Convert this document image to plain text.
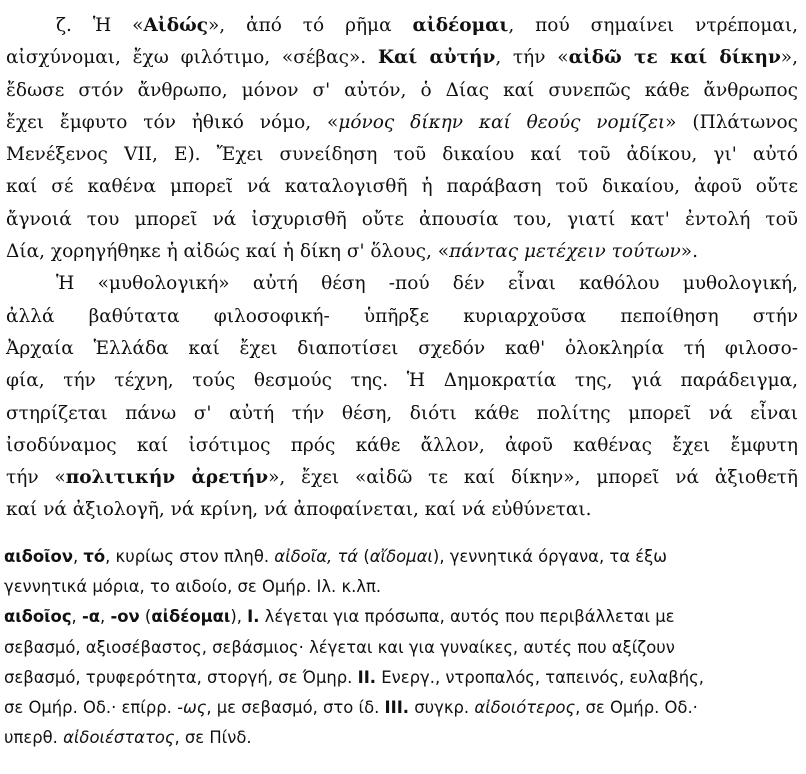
ζ. Ἡ «Αἰδώς», ἀπό τό ρῆμα αἰδέομαι, πού σημαίνει ντρέπομαι,
αἰσχύνομαι, ἔχω φιλότιμο, «σέβας». Καί αὐτήν, τήν «αἰδῶ τε καί δίκην»,
ἔδωσε στόν ἄνθρωπο, μόνον σ' αὐτόν, ὁ Δίας καί συνεπῶς κάθε ἄνθρωπος
ἔχει ἔμφυτο τόν ἠθικό νόμο, «μόνος δίκην καί θεούς νομίζει» (Πλάτωνος
Μενέξενος VII, Ε). Ἔχει συνείδηση τοῦ δικαίου καί τοῦ ἀδίκου, γι' αὐτό
καί σέ καθένα μπορεῖ νά καταλογισθῆ ἡ παράβαση τοῦ δικαίου, ἀφοῦ οὔτε
ἄγνοιά του μπορεῖ νά ἰσχυρισθῆ οὔτε ἀπουσία του, γιατί κατ' ἐντολή τοῦ
Δία, χορηγήθηκε ἡ αἰδώς καί ἡ δίκη σ' ὅλους, «πάντας μετέχειν τούτων».
Ἡ «μυθολογική» αὐτή θέση -πού δέν εἶναι καθόλου μυθολογική,
ἀλλά βαθύτατα φιλοσοφική- ὑπῆρξε κυριαρχοῦσα πεποίθηση στήν
Ἀρχαία Ἑλλάδα καί ἔχει διαποτίσει σχεδόν καθ' ὁλοκληρία τή φιλοσο-
φία, τήν τέχνη, τούς θεσμούς της. Ἡ Δημοκρατία της, γιά παράδειγμα,
στηρίζεται πάνω σ' αὐτή τήν θέση, διότι κάθε πολίτης μπορεῖ νά εἶναι
ἰσοδύναμος καί ἰσότιμος πρός κάθε ἄλλον, ἀφοῦ καθένας ἔχει ἔμφυτη
τήν «πολιτικήν ἀρετήν», ἔχει «αἰδῶ τε καί δίκην», μπορεῖ νά ἀξιοθετῆ
καί νά ἀξιολογῆ, νά κρίνη, νά ἀποφαίνεται, καί νά εὐθύνεται.
αιδοῖον, τό, κυρίως στον πληθ. αἰδοῖα, τά (αἴδομαι), γεννητικά όργανα, τα έξω
γεννητικά μόρια, το αιδοίο, σε Ομήρ. Ιλ. κ.λπ.
αιδοῖος, -α, -ον (αἰδέομαι), I. λέγεται για πρόσωπα, αυτός που περιβάλλεται με
σεβασμό, αξιοσέβαστος, σεβάσμιος· λέγεται και για γυναίκες, αυτές που αξίζουν
σεβασμό, τρυφερότητα, στοργή, σε Όμηρ. II. Ενεργ., ντροπαλός, ταπεινός, ευλαβής,
σε Ομήρ. Οδ.· επίρρ. -ως, με σεβασμό, στο ίδ. III. συγκρ. αἰδοιότερος, σε Ομήρ. Οδ.·
υπερθ. αἰδοιέστατος, σε Πίνδ.
